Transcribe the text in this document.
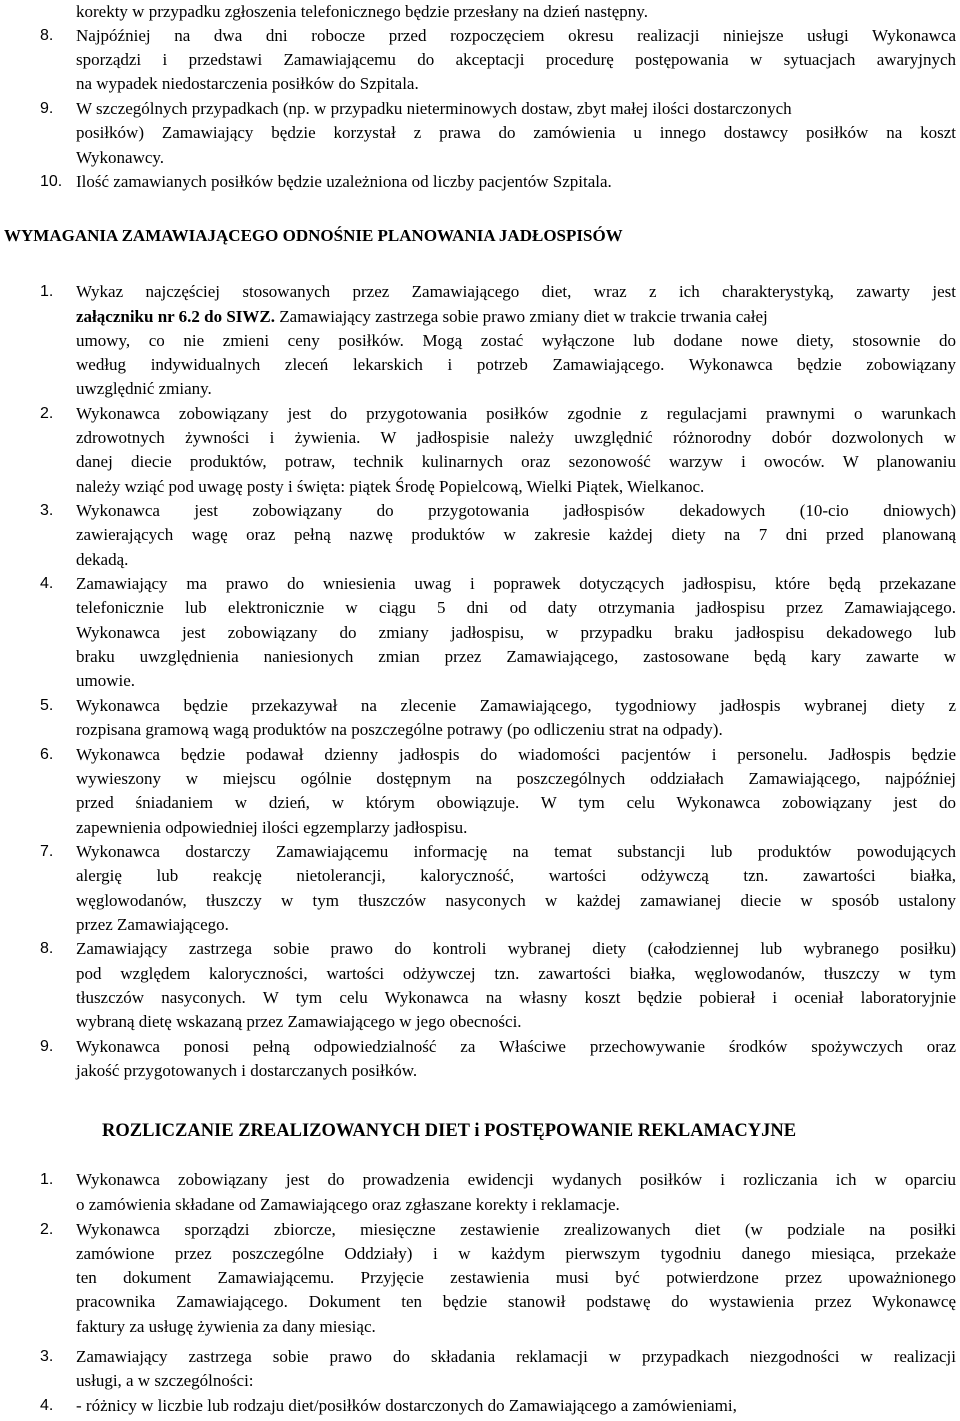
korekty w przypadku zgłoszenia telefonicznego będzie przesłany na dzień następny.
8.	Najpóźniej na dwa dni robocze przed rozpoczęciem okresu realizacji niniejsze usługi Wykonawca
sporządzi i przedstawi Zamawiającemu do akceptacji procedurę postępowania w sytuacjach awaryjnych
na wypadek niedostarczenia posiłków do Szpitala.
9.	W szczególnych przypadkach (np. w przypadku nieterminowych dostaw, zbyt małej ilości dostarczonych
posiłków) Zamawiający będzie korzystał z prawa do zamówienia u innego dostawcy posiłków na koszt
Wykonawcy.
10. Ilość zamawianych posiłków będzie uzależniona od liczby pacjentów Szpitala.
WYMAGANIA ZAMAWIAJĄCEGO ODNOŚNIE PLANOWANIA JADŁOSPISÓW
1.	Wykaz najczęściej stosowanych przez Zamawiającego diet, wraz z ich charakterystyką, zawarty jest
załączniku nr 6.2 do SIWZ. Zamawiający zastrzega sobie prawo zmiany diet w trakcie trwania całej
umowy, co nie zmieni ceny posiłków. Mogą zostać wyłączone lub dodane nowe diety, stosownie do
według indywidualnych zleceń lekarskich i potrzeb Zamawiającego. Wykonawca będzie zobowiązany
uwzględnić zmiany.
2.	Wykonawca zobowiązany jest do przygotowania posiłków zgodnie z regulacjami prawnymi o warunkach
zdrowotnych żywności i żywienia. W jadłospisie należy uwzględnić różnorodny dobór dozwolonych w
danej diecie produktów, potraw, technik kulinarnych oraz sezonowość warzyw i owoców. W planowaniu
należy wziąć pod uwagę posty i święta: piątek Środę Popielcową, Wielki Piątek, Wielkanoc.
3.	Wykonawca jest zobowiązany do przygotowania jadłospisów dekadowych (10-cio dniowych)
zawierających wagę oraz pełną nazwę produktów w zakresie każdej diety na 7 dni przed planowaną
dekadą.
4.	Zamawiający ma prawo do wniesienia uwag i poprawek dotyczących jadłospisu, które będą przekazane
telefonicznie lub elektronicznie w ciągu 5 dni od daty otrzymania jadłospisu przez Zamawiającego.
Wykonawca jest zobowiązany do zmiany jadłospisu, w przypadku braku jadłospisu dekadowego lub
braku uwzględnienia naniesionych zmian przez Zamawiającego, zastosowane będą kary zawarte w
umowie.
5.	Wykonawca będzie przekazywał na zlecenie Zamawiającego, tygodniowy jadłospis wybranej diety z
rozpisana gramową wagą produktów na poszczególne potrawy (po odliczeniu strat na odpady).
6.	Wykonawca będzie podawał dzienny jadłospis do wiadomości pacjentów i personelu. Jadłospis będzie
wywieszony w miejscu ogólnie dostępnym na poszczególnych oddziałach Zamawiającego, najpóźniej
przed śniadaniem w dzień, w którym obowiązuje. W tym celu Wykonawca zobowiązany jest do
zapewnienia odpowiedniej ilości egzemplarzy jadłospisu.
7.	Wykonawca dostarczy Zamawiającemu informację na temat substancji lub produktów powodujących
alergię lub reakcję nietolerancji, kaloryczność, wartości odżywczą tzn. zawartości białka,
węglowodanów, tłuszczy w tym tłuszczów nasyconych w każdej zamawianej diecie w sposób ustalony
przez Zamawiającego.
8.	Zamawiający zastrzega sobie prawo do kontroli wybranej diety (całodziennej lub wybranego posiłku)
pod względem kaloryczności, wartości odżywczej tzn. zawartości białka, węglowodanów, tłuszczy w tym
tłuszczów nasyconych. W tym celu Wykonawca na własny koszt będzie pobierał i oceniał laboratoryjnie
wybraną dietę wskazaną przez Zamawiającego w jego obecności.
9.	Wykonawca ponosi pełną odpowiedzialność za Właściwe przechowywanie środków spożywczych oraz
jakość przygotowanych i dostarczanych posiłków.
ROZLICZANIE ZREALIZOWANYCH DIET i POSTĘPOWANIE REKLAMACYJNE
1.	Wykonawca zobowiązany jest do prowadzenia ewidencji wydanych posiłków i rozliczania ich w oparciu
o zamówienia składane od Zamawiającego oraz zgłaszane korekty i reklamacje.
2.	Wykonawca sporządzi zbiorcze, miesięczne zestawienie zrealizowanych diet (w podziale na posiłki
zamówione przez poszczególne Oddziały) i w każdym pierwszym tygodniu danego miesiąca, przekaże
ten dokument Zamawiającemu. Przyjęcie zestawienia musi być potwierdzone przez upoważnionego
pracownika Zamawiającego. Dokument ten będzie stanowił podstawę do wystawienia przez Wykonawcę
faktury za usługę żywienia za dany miesiąc.
3.	Zamawiający zastrzega sobie prawo do składania reklamacji w przypadkach niezgodności w realizacji
usługi, a w szczególności:
4.	- różnicy w liczbie lub rodzaju diet/posiłków dostarczonych do Zamawiającego a zamówieniami,
